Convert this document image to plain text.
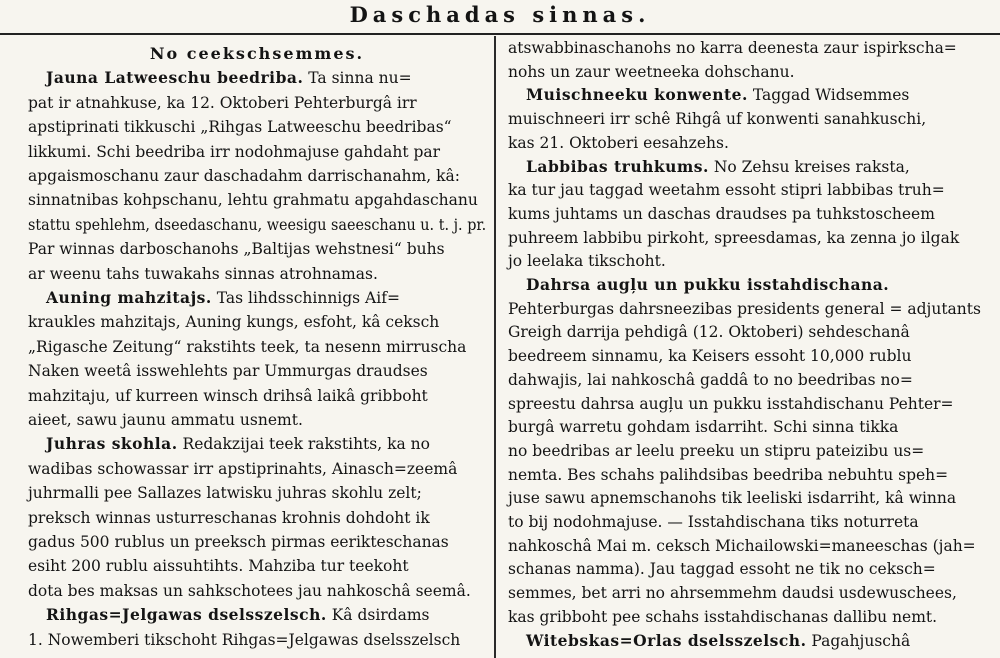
Daschadas sinnas.
No ceekschsemmes.
Jauna Latweeschu beedriba. Ta sinna nu=
pat ir atnahkuse, ka 12. Oktoberi Pehterburgâ irr
apstiprinati tikkuschi „Rihgas Latweeschu beedribas“
likkumi. Schi beedriba irr nodohmajuse gahdaht par
apgaismoschanu zaur daschadahm darrischanahm, kâ:
sinnatnibas kohpschanu, lehtu grahmatu apgahdaschanu
stattu spehlehm, dseedaschanu, weesigu saeeschanu u. t. j. pr.
Par winnas darboschanohs „Baltijas wehstnesi“ buhs
ar weenu tahs tuwakahs sinnas atrohnamas.
Auning mahzitajs. Tas lihdsschinnigs Aif=
kraukles mahzitajs, Auning kungs, esfoht, kâ ceksch
„Rigasche Zeitung“ rakstihts teek, ta nesenn mirruscha
Naken weetâ isswehlehts par Ummurgas draudses
mahzitaju, uf kurreen winsch drihsâ laikâ gribboht
aieet, sawu jaunu ammatu usnemt.
Juhras skohla. Redakzijai teek rakstihts, ka no
wadibas schowassar irr apstiprinahts, Ainasch=zeemâ
juhrmalli pee Sallazes latwisku juhras skohlu zelt;
preksch winnas usturreschanas krohnis dohdoht ik
gadus 500 rublus un preeksch pirmas eerikteschanas
esiht 200 rublu aissuhtihts. Mahziba tur teekoht
dota bes maksas un sahkschotees jau nahkoschâ seemâ.
Rihgas=Jelgawas dselsszelsch. Kâ dsirdams
1. Nowemberi tikschoht Rihgas=Jelgawas dselsszelsch
atswabbinaschanohs no karra deenesta zaur ispirkscha=
nohs un zaur weetneeka dohschanu.
Muischneeku konwente. Taggad Widsemmes
muischneeri irr schê Rihgâ uf konwenti sanahkuschi,
kas 21. Oktoberi eesahzehs.
Labbibas truhkums. No Zehsu kreises raksta,
ka tur jau taggad weetahm essoht stipri labbibas truh=
kums juhtams un daschas draudses pa tuhkstoscheem
puhreem labbibu pirkoht, spreesdamas, ka zenna jo ilgak
jo leelaka tikschoht.
Dahrsa augļu un pukku isstahdischana.
Pehterburgas dahrsneezibas presidents general = adjutants
Greigh darrija pehdigâ (12. Oktoberi) sehdeschanâ
beedreem sinnamu, ka Keisers essoht 10,000 rublu
dahwajis, lai nahkoschâ gaddâ to no beedribas no=
spreestu dahrsa augļu un pukku isstahdischanu Pehter=
burgâ warretu gohdam isdarriht. Schi sinna tikka
no beedribas ar leelu preeku un stipru pateizibu us=
nemta. Bes schahs palihdsibas beedriba nebuhtu speh=
juse sawu apnemschanohs tik leeliski isdarriht, kâ winna
to bij nodohmajuse. — Isstahdischana tiks noturreta
nahkoschâ Mai m. ceksch Michailowski=maneeschas (jah=
schanas namma). Jau taggad essoht ne tik no ceksch=
semmes, bet arri no ahrsemmehm daudsi usdewuschees,
kas gribboht pee schahs isstahdischanas dallibu nemt.
Witebskas=Orlas dselsszelsch. Pagahjuschâ
